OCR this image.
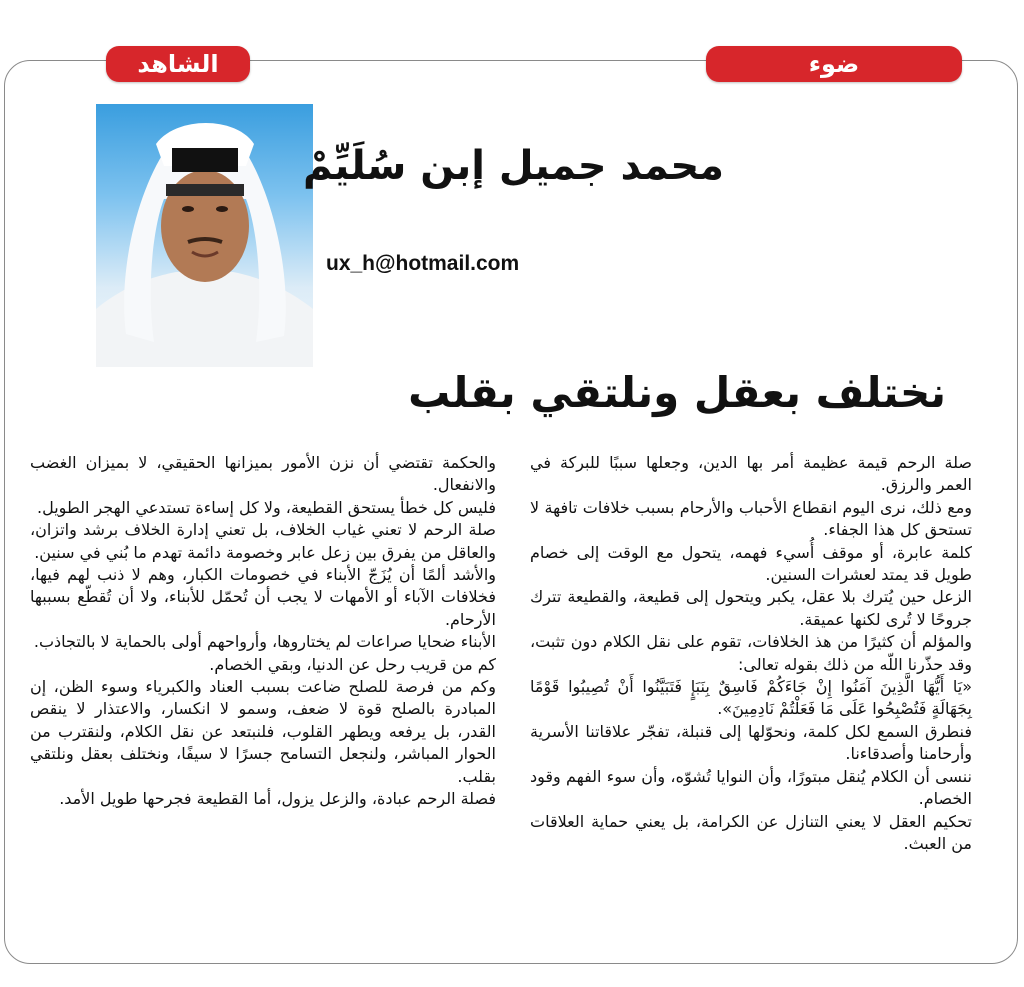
ضوء
الشاهد
محمد جميل إبن سُلَيِّمْ
ux_h@hotmail.com
نختلف بعقل ونلتقي بقلب

صلة الرحم قيمة عظيمة أمر بها الدين، وجعلها سببًا للبركة في العمر والرزق.

ومع ذلك، نرى اليوم انقطاع الأحباب والأرحام بسبب خلافات تافهة لا تستحق كل هذا الجفاء.

كلمة عابرة، أو موقف أُسيء فهمه، يتحول مع الوقت إلى خصام طويل قد يمتد لعشرات السنين.

الزعل حين يُترك بلا عقل، يكبر ويتحول إلى قطيعة، والقطيعة تترك جروحًا لا تُرى لكنها عميقة.

والمؤلم أن كثيرًا من هذ الخلافات، تقوم على نقل الكلام دون تثبت، وقد حذّرنا اللّه من ذلك بقوله تعالى:

«يَا أَيُّهَا الَّذِينَ آمَنُوا إِنْ جَاءَكُمْ فَاسِقٌ بِنَبَإٍ فَتَبَيَّنُوا أَنْ تُصِيبُوا قَوْمًا بِجَهَالَةٍ فَتُصْبِحُوا عَلَى مَا فَعَلْتُمْ نَادِمِينَ».

فنطرق السمع لكل كلمة، ونحوّلها إلى قنبلة، تفجّر علاقاتنا الأسرية وأرحامنا وأصدقاءنا.

ننسى أن الكلام يُنقل مبتورًا، وأن النوايا تُشوّه، وأن سوء الفهم وقود الخصام.

تحكيم العقل لا يعني التنازل عن الكرامة، بل يعني حماية العلاقات من العبث.

والحكمة تقتضي أن نزن الأمور بميزانها الحقيقي، لا بميزان الغضب والانفعال.

فليس كل خطأ يستحق القطيعة، ولا كل إساءة تستدعي الهجر الطويل.

صلة الرحم لا تعني غياب الخلاف، بل تعني إدارة الخلاف برشد واتزان، والعاقل من يفرق بين زعل عابر وخصومة دائمة تهدم ما بُني في سنين.

والأشد ألمًا أن يُزَجّ الأبناء في خصومات الكبار، وهم لا ذنب لهم فيها، فخلافات الآباء أو الأمهات لا يجب أن تُحمّل للأبناء، ولا أن تُقطّع بسببها الأرحام.

الأبناء ضحايا صراعات لم يختاروها، وأرواحهم أولى بالحماية لا بالتجاذب.

كم من قريب رحل عن الدنيا، وبقي الخصام.

وكم من فرصة للصلح ضاعت بسبب العناد والكبرياء وسوء الظن، إن المبادرة بالصلح قوة لا ضعف، وسمو لا انكسار، والاعتذار لا ينقص القدر، بل يرفعه ويطهر القلوب، فلنبتعد عن نقل الكلام، ولنقترب من الحوار المباشر، ولنجعل التسامح جسرًا لا سيفًا، ونختلف بعقل ونلتقي بقلب.

فصلة الرحم عبادة، والزعل يزول، أما القطيعة فجرحها طويل الأمد.
